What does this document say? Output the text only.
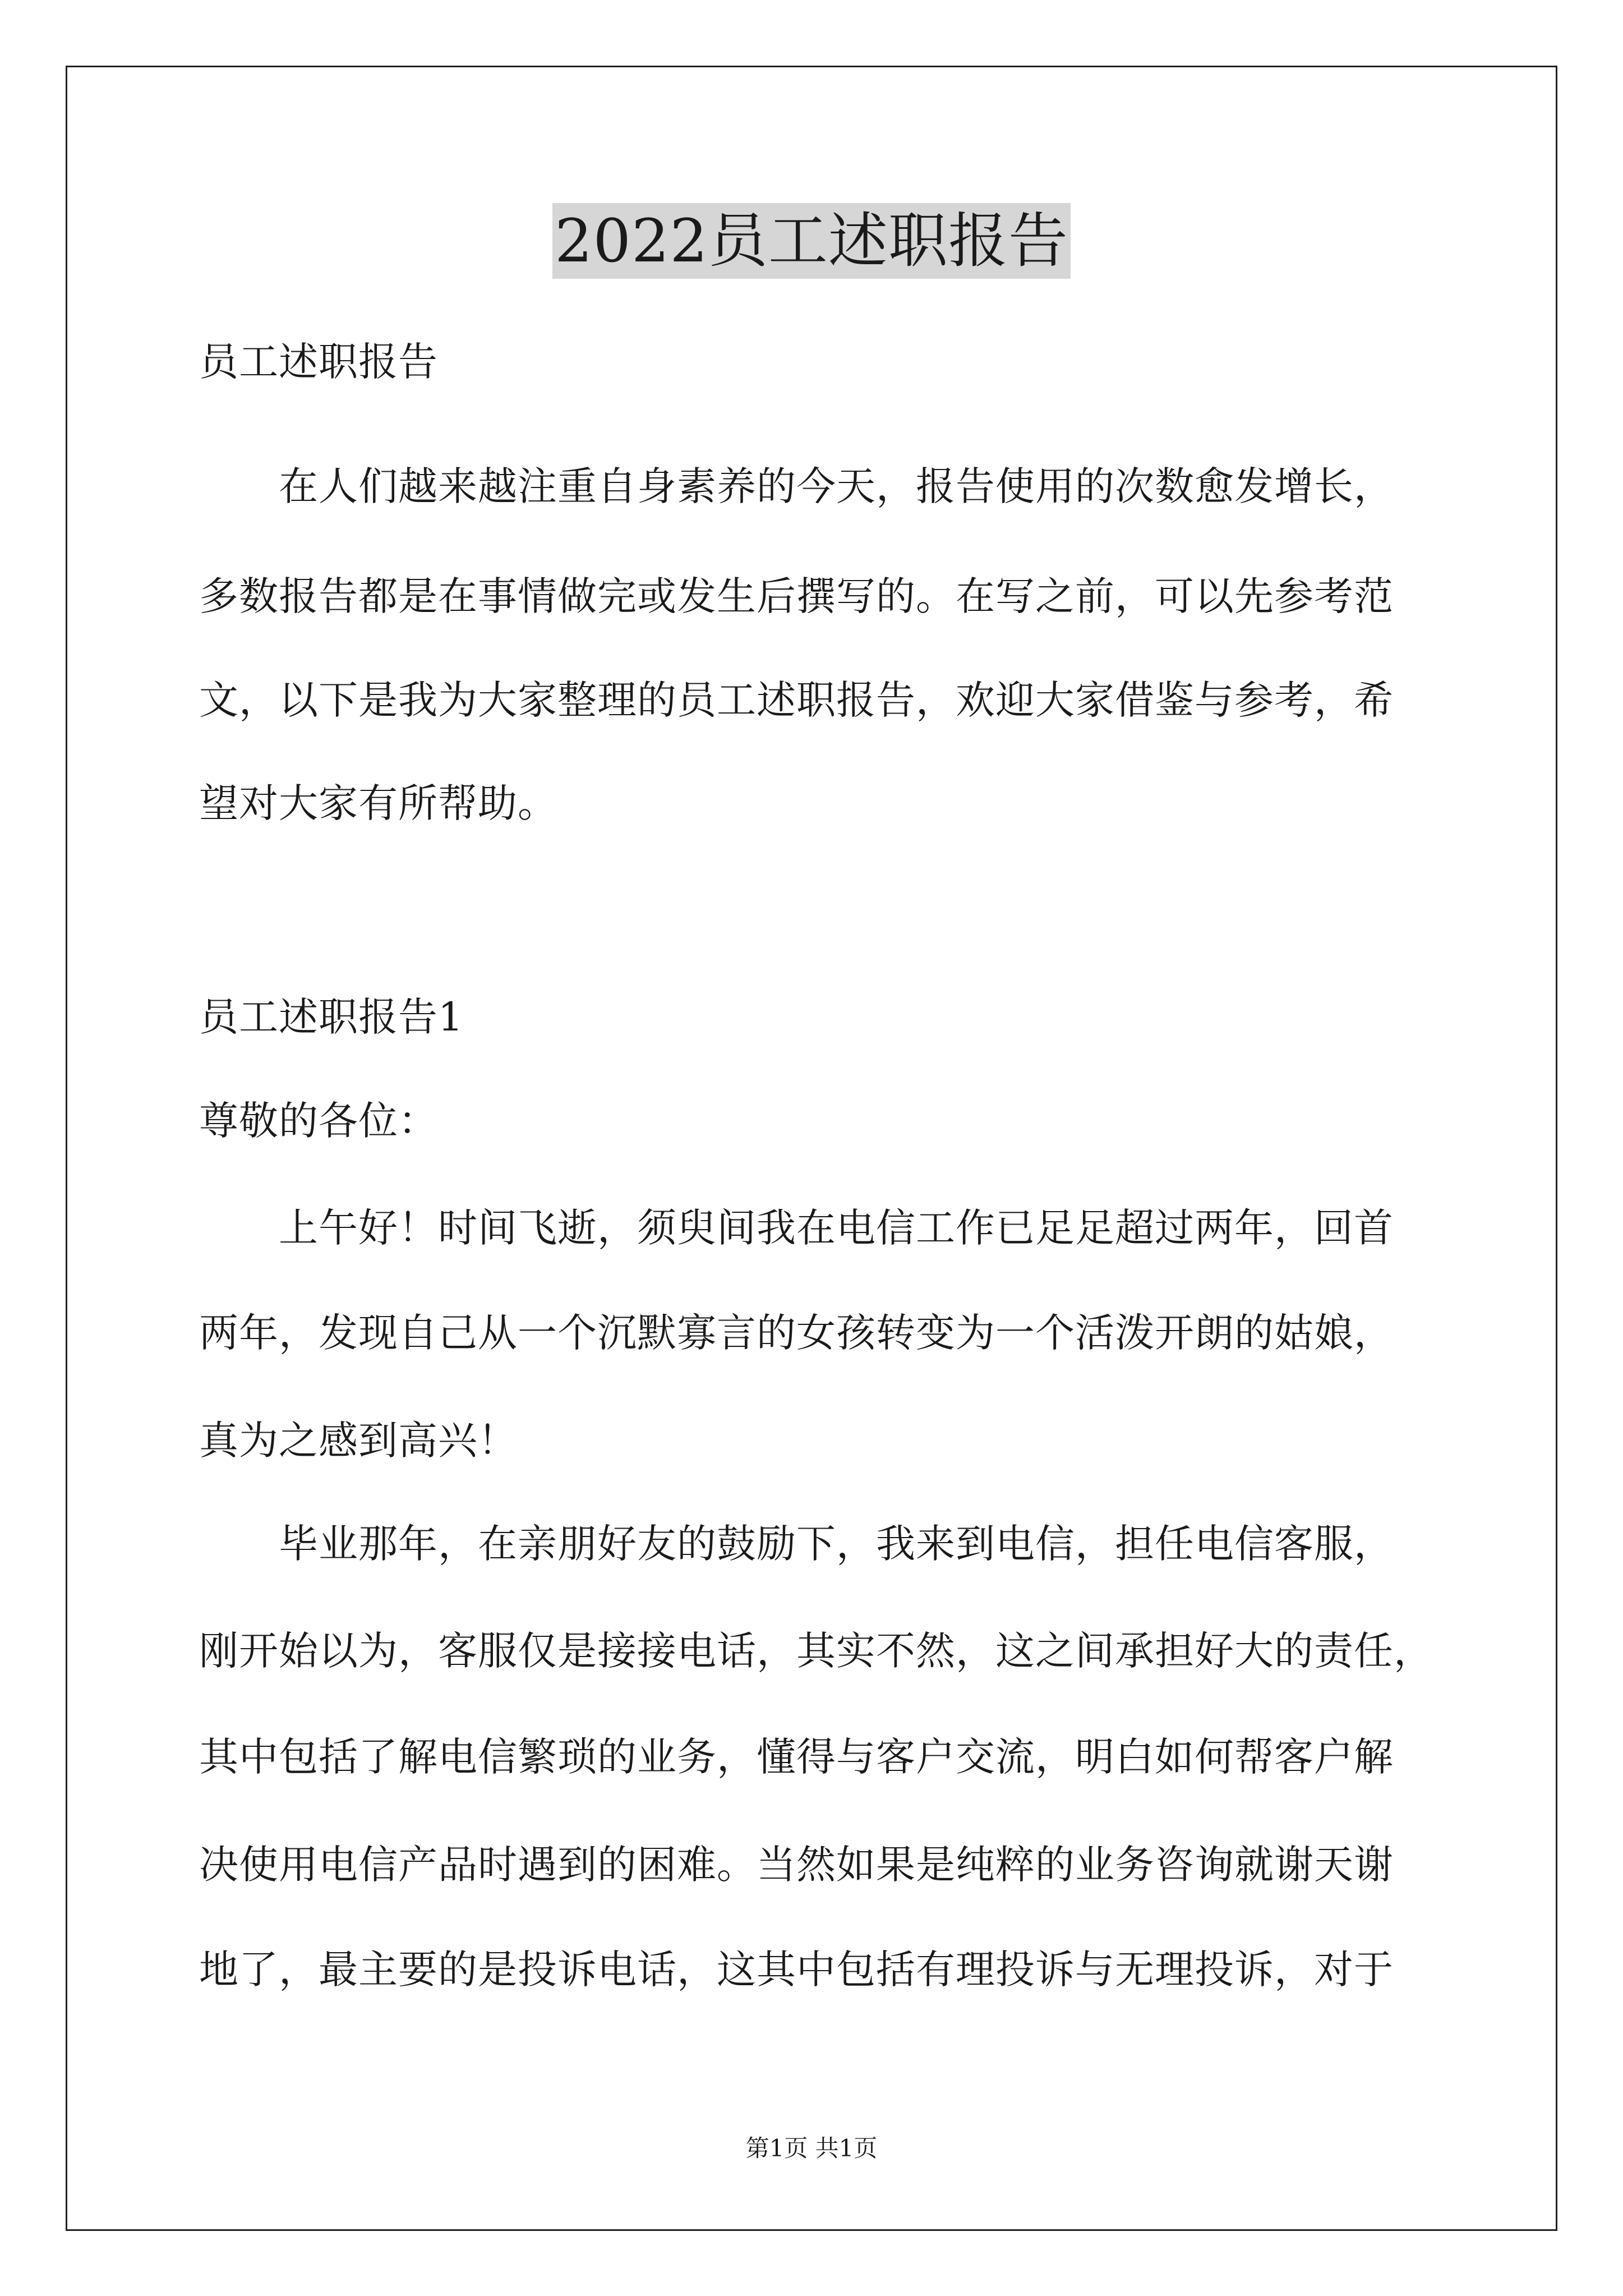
2022员工述职报告
员工述职报告
在人们越来越注重自身素养的今天，报告使用的次数愈发增长，
多数报告都是在事情做完或发生后撰写的。在写之前，可以先参考范
文，以下是我为大家整理的员工述职报告，欢迎大家借鉴与参考，希
望对大家有所帮助。
员工述职报告1
尊敬的各位：
上午好！时间飞逝，须臾间我在电信工作已足足超过两年，回首
两年，发现自己从一个沉默寡言的女孩转变为一个活泼开朗的姑娘，
真为之感到高兴！
毕业那年，在亲朋好友的鼓励下，我来到电信，担任电信客服，
刚开始以为，客服仅是接接电话，其实不然，这之间承担好大的责任，
其中包括了解电信繁琐的业务，懂得与客户交流，明白如何帮客户解
决使用电信产品时遇到的困难。当然如果是纯粹的业务咨询就谢天谢
地了，最主要的是投诉电话，这其中包括有理投诉与无理投诉，对于
第1页 共1页
